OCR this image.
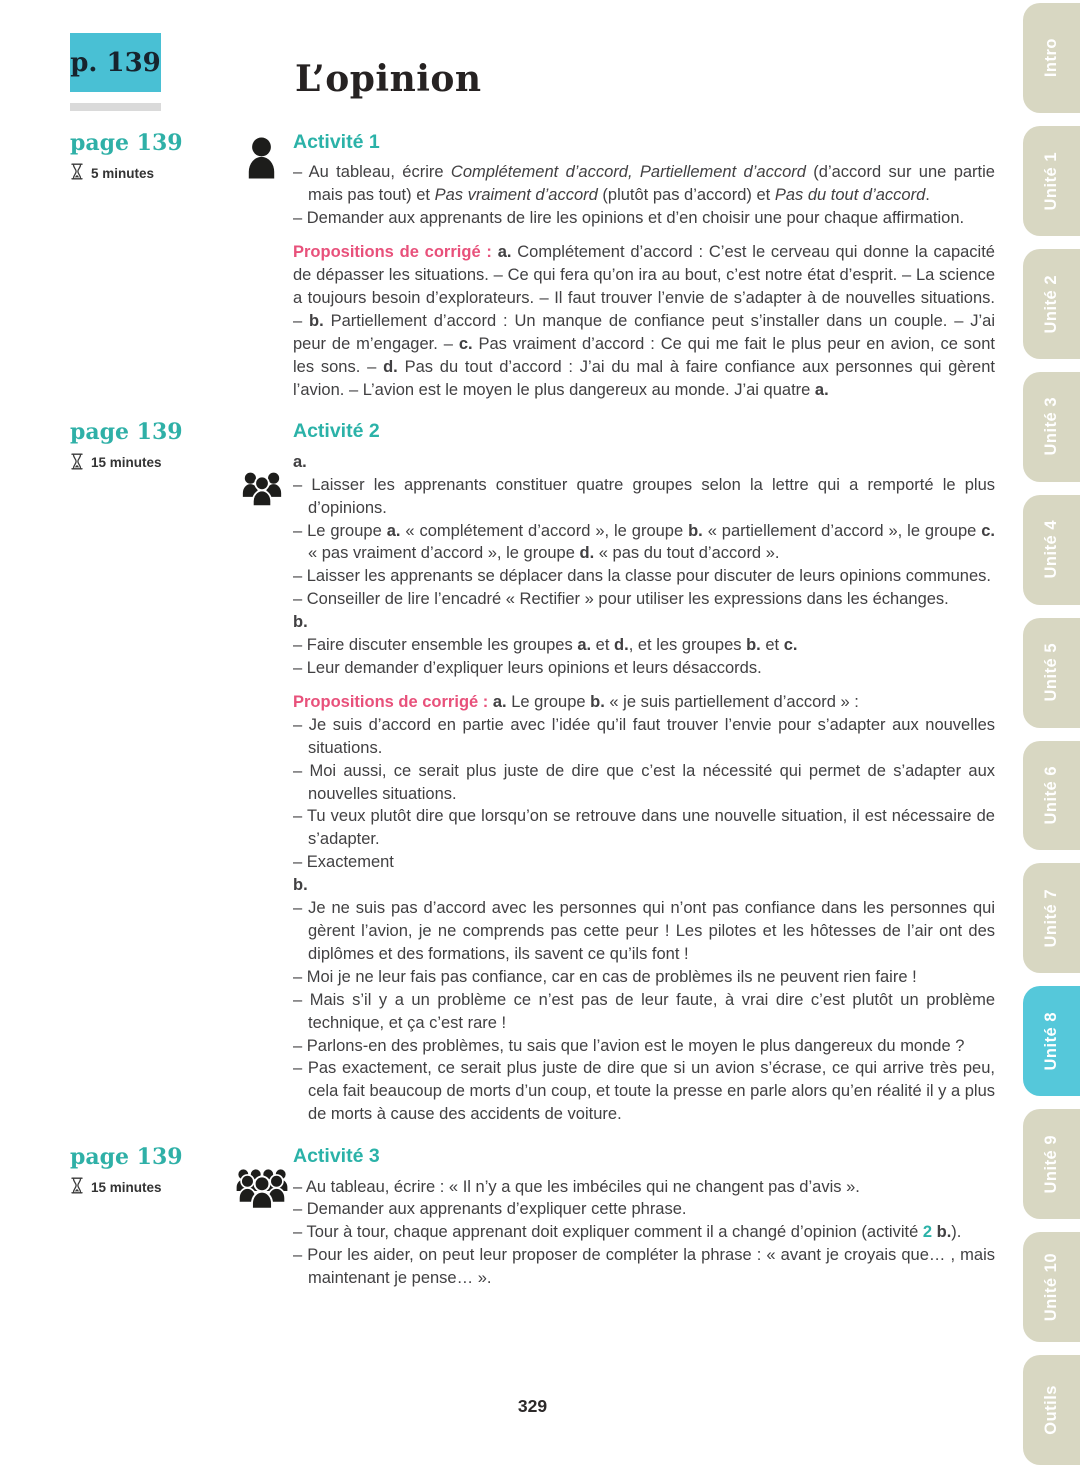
p. 139	L’opinion
page 139
5 minutes
Activité 1
– Au tableau, écrire Complétement d’accord, Partiellement d’accord (d’accord sur une partie mais pas tout) et Pas vraiment d’accord (plutôt pas d’accord) et Pas du tout d’accord.
– Demander aux apprenants de lire les opinions et d’en choisir une pour chaque affirmation.
Propositions de corrigé : a. Complétement d’accord : C’est le cerveau qui donne la capacité de dépasser les situations. – Ce qui fera qu’on ira au bout, c’est notre état d’esprit. – La science a toujours besoin d’explorateurs. – Il faut trouver l’envie de s’adapter à de nouvelles situations. – b. Partiellement d’accord : Un manque de confiance peut s’installer dans un couple. – J’ai peur de m’engager. – c. Pas vraiment d’accord : Ce qui me fait le plus peur en avion, ce sont les sons. – d. Pas du tout d’accord : J’ai du mal à faire confiance aux personnes qui gèrent l’avion. – L’avion est le moyen le plus dangereux au monde. J’ai quatre a.
page 139
15 minutes
Activité 2
a.
– Laisser les apprenants constituer quatre groupes selon la lettre qui a remporté le plus d’opinions.
– Le groupe a. « complétement d’accord », le groupe b. « partiellement d’accord », le groupe c. « pas vraiment d’accord », le groupe d. « pas du tout d’accord ».
– Laisser les apprenants se déplacer dans la classe pour discuter de leurs opinions communes.
– Conseiller de lire l’encadré « Rectifier » pour utiliser les expressions dans les échanges.
b.
– Faire discuter ensemble les groupes a. et d., et les groupes b. et c.
– Leur demander d’expliquer leurs opinions et leurs désaccords.
Propositions de corrigé : a. Le groupe b. « je suis partiellement d’accord » :
– Je suis d’accord en partie avec l’idée qu’il faut trouver l’envie pour s’adapter aux nouvelles situations.
– Moi aussi, ce serait plus juste de dire que c’est la nécessité qui permet de s’adapter aux nouvelles situations.
– Tu veux plutôt dire que lorsqu’on se retrouve dans une nouvelle situation, il est nécessaire de s’adapter.
– Exactement
b.
– Je ne suis pas d’accord avec les personnes qui n’ont pas confiance dans les personnes qui gèrent l’avion, je ne comprends pas cette peur ! Les pilotes et les hôtesses de l’air ont des diplômes et des formations, ils savent ce qu’ils font !
– Moi je ne leur fais pas confiance, car en cas de problèmes ils ne peuvent rien faire !
– Mais s’il y a un problème ce n’est pas de leur faute, à vrai dire c’est plutôt un problème technique, et ça c’est rare !
– Parlons-en des problèmes, tu sais que l’avion est le moyen le plus dangereux du monde ?
– Pas exactement, ce serait plus juste de dire que si un avion s’écrase, ce qui arrive très peu, cela fait beaucoup de morts d’un coup, et toute la presse en parle alors qu’en réalité il y a plus de morts à cause des accidents de voiture.
page 139
15 minutes
Activité 3
– Au tableau, écrire : « Il n’y a que les imbéciles qui ne changent pas d’avis ».
– Demander aux apprenants d’expliquer cette phrase.
– Tour à tour, chaque apprenant doit expliquer comment il a changé d’opinion (activité 2 b.).
– Pour les aider, on peut leur proposer de compléter la phrase : « avant je croyais que… , mais maintenant je pense… ».
329
Intro
Unité 1
Unité 2
Unité 3
Unité 4
Unité 5
Unité 6
Unité 7
Unité 8
Unité 9
Unité 10
Outils
